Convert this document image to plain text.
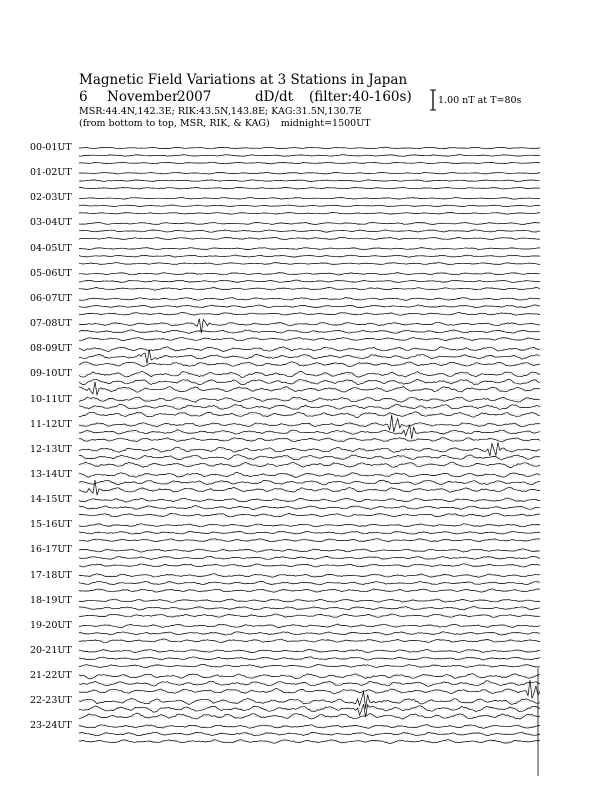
Magnetic Field Variations at 3 Stations in Japan
6 November
2007	dD/dt (filter:40-160s)
MSR:44.4N,142.3E; RIK:43.5N,143.8E; KAG:31.5N,130.7E
(from bottom to top, MSR, RIK, & KAG) midnight=1500UT
1.00 nT at T=80s
00-01UT
01-02UT
02-03UT
03-04UT
04-05UT
05-06UT
06-07UT
07-08UT
08-09UT
09-10UT
10-11UT
11-12UT
12-13UT
13-14UT
14-15UT
15-16UT
16-17UT
17-18UT
18-19UT
19-20UT
20-21UT
21-22UT
22-23UT
23-24UT
